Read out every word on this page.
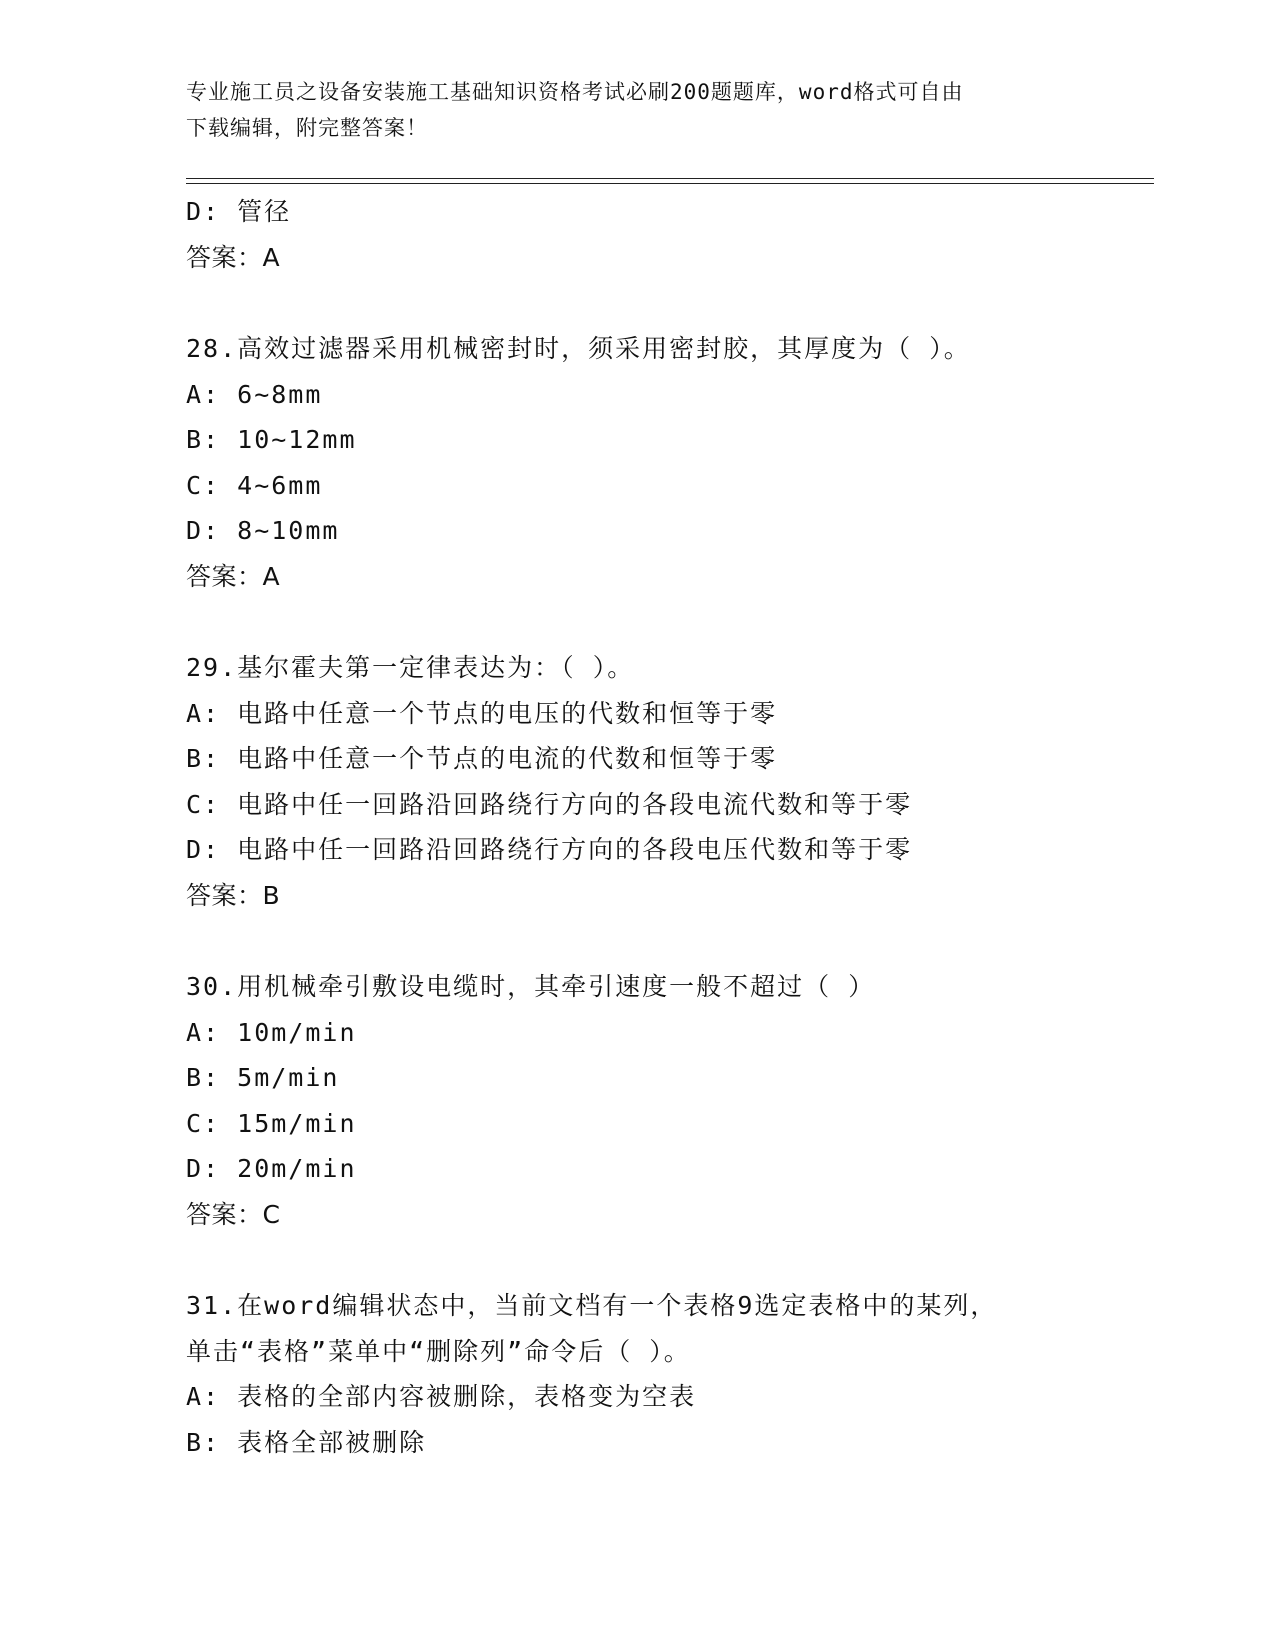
专业施工员之设备安装施工基础知识资格考试必刷200题题库，word格式可自由
下载编辑，附完整答案！
D: 管径
答案：A
28.高效过滤器采用机械密封时，须采用密封胶，其厚度为（ ）。
A: 6~8mm
B: 10~12mm
C: 4~6mm
D: 8~10mm
答案：A
29.基尔霍夫第一定律表达为：（ ）。
A: 电路中任意一个节点的电压的代数和恒等于零
B: 电路中任意一个节点的电流的代数和恒等于零
C: 电路中任一回路沿回路绕行方向的各段电流代数和等于零
D: 电路中任一回路沿回路绕行方向的各段电压代数和等于零
答案：B
30.用机械牵引敷设电缆时，其牵引速度一般不超过（ ）
A: 10m/min
B: 5m/min
C: 15m/min
D: 20m/min
答案：C
31.在word编辑状态中，当前文档有一个表格9选定表格中的某列，
单击“表格”菜单中“删除列”命令后（ ）。
A: 表格的全部内容被删除，表格变为空表
B: 表格全部被删除
